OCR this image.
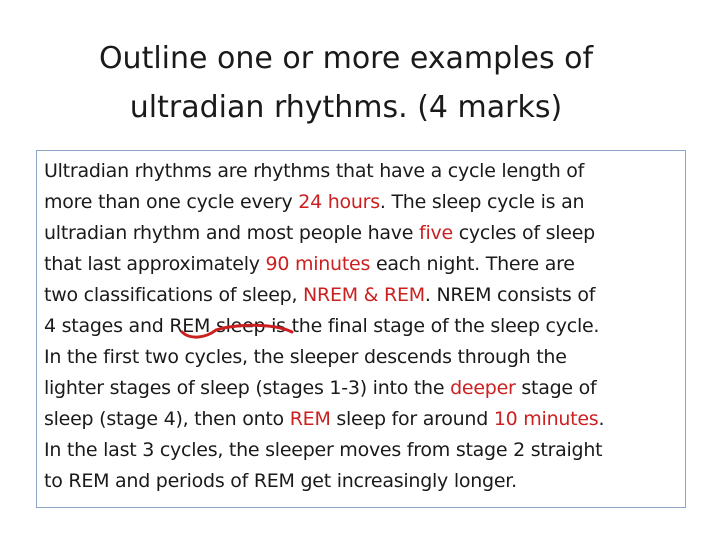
Outline one or more examples of
ultradian rhythms. (4 marks)
Ultradian rhythms are rhythms that have a cycle length of
more than one cycle every 24 hours. The sleep cycle is an
ultradian rhythm and most people have five cycles of sleep
that last approximately 90 minutes each night. There are
two classifications of sleep, NREM & REM. NREM consists of
4 stages and REM sleep is the final stage of the sleep cycle.
In the first two cycles, the sleeper descends through the
lighter stages of sleep (stages 1-3) into the deeper stage of
sleep (stage 4), then onto REM sleep for around 10 minutes.
In the last 3 cycles, the sleeper moves from stage 2 straight
to REM and periods of REM get increasingly longer.
